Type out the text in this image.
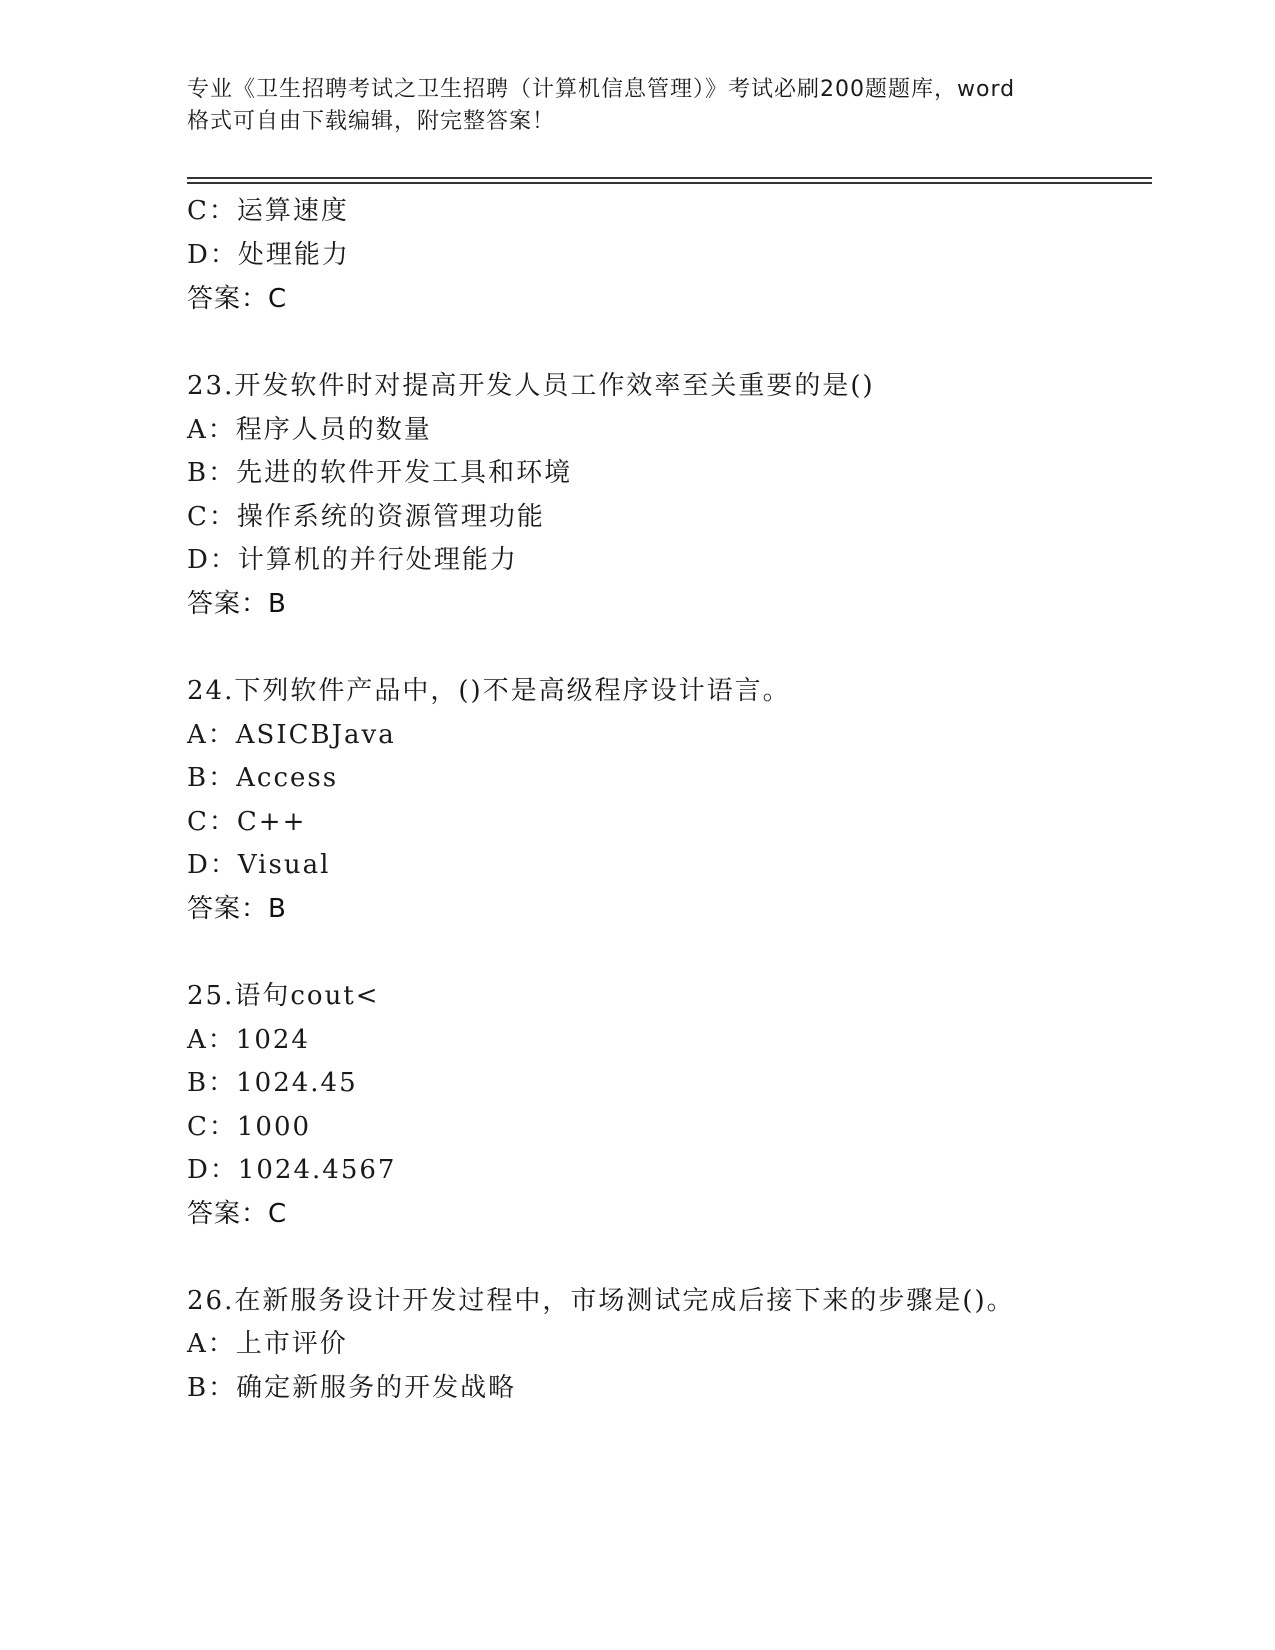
专业《卫生招聘考试之卫生招聘（计算机信息管理）》考试必刷200题题库，word
格式可自由下载编辑，附完整答案！
C：运算速度
D：处理能力
答案：C
23.开发软件时对提高开发人员工作效率至关重要的是()
A：程序人员的数量
B：先进的软件开发工具和环境
C：操作系统的资源管理功能
D：计算机的并行处理能力
答案：B
24.下列软件产品中，()不是高级程序设计语言。
A：ASICBJava
B：Access
C：C++
D：Visual
答案：B
25.语句cout<
A：1024
B：1024.45
C：1000
D：1024.4567
答案：C
26.在新服务设计开发过程中，市场测试完成后接下来的步骤是()。
A：上市评价
B：确定新服务的开发战略
